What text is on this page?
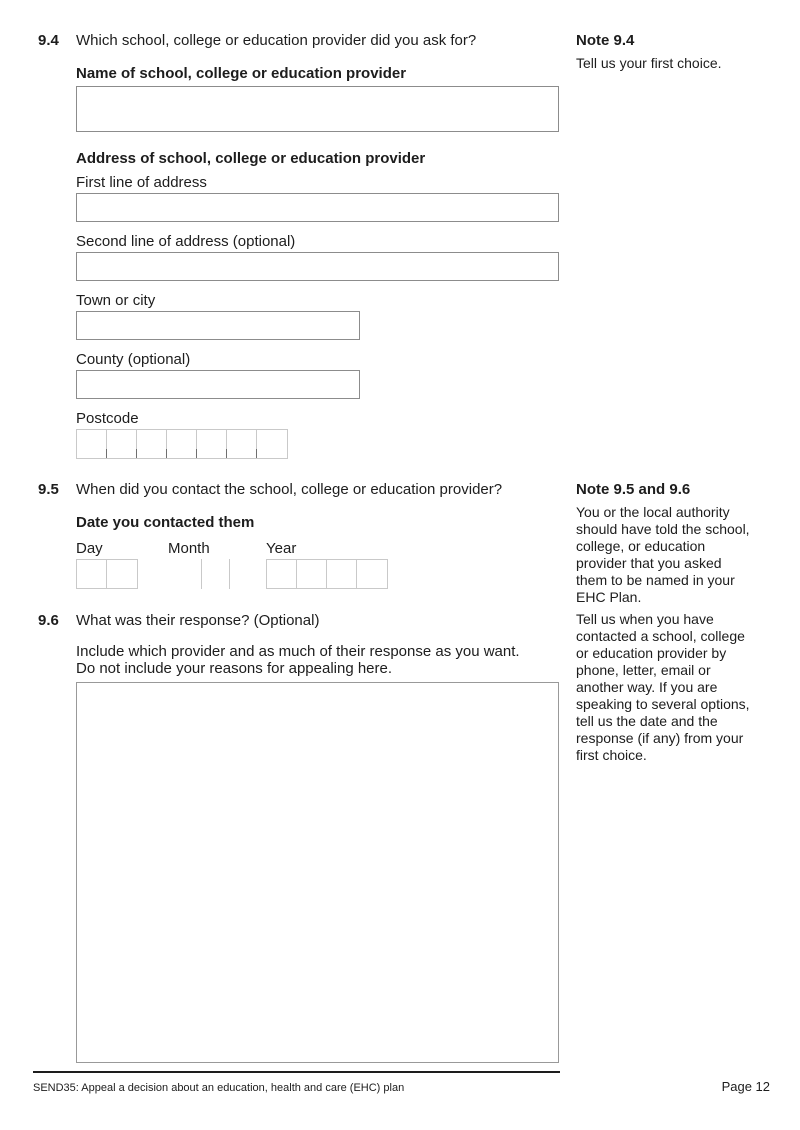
9.4	Which school, college or education provider did you ask for?
Name of school, college or education provider
Address of school, college or education provider
First line of address
Second line of address (optional)
Town or city
County (optional)
Postcode
Note 9.4

Tell us your first choice.

9.5	When did you contact the school, college or education provider?
Date you contacted them
Day	Month	Year
9.6	What was their response? (Optional)
Include which provider and as much of their response as you want.
Do not include your reasons for appealing here.
Note 9.5 and 9.6

You or the local authority should have told the school, college, or education provider that you asked them to be named in your EHC Plan.

Tell us when you have contacted a school, college or education provider by phone, letter, email or another way. If you are speaking to several options, tell us the date and the response (if any) from your first choice.

SEND35: Appeal a decision about an education, health and care (EHC) plan	Page 12
